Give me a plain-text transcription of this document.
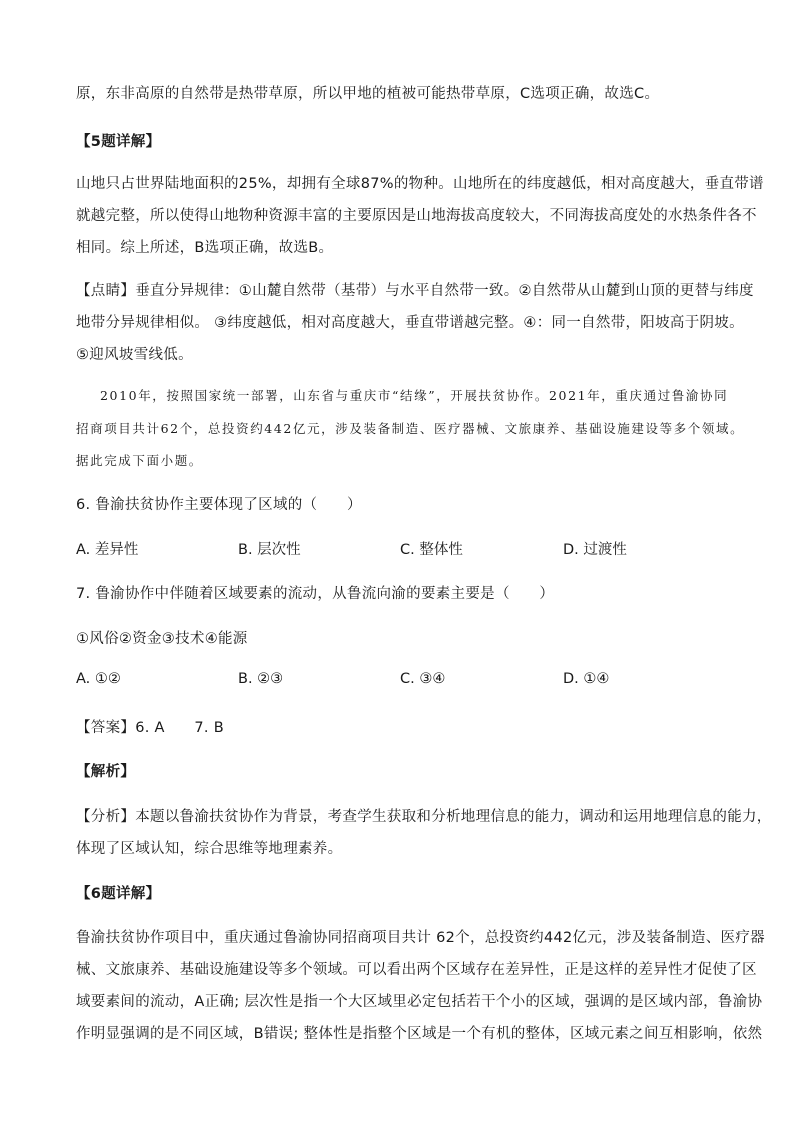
原，东非高原的自然带是热带草原，所以甲地的植被可能热带草原，C选项正确，故选C。
【5题详解】
山地只占世界陆地面积的25%，却拥有全球87%的物种。山地所在的纬度越低，相对高度越大，垂直带谱
就越完整，所以使得山地物种资源丰富的主要原因是山地海拔高度较大，不同海拔高度处的水热条件各不
相同。综上所述，B选项正确，故选B。
【点睛】垂直分异规律：①山麓自然带（基带）与水平自然带一致。②自然带从山麓到山顶的更替与纬度
地带分异规律相似。 ③纬度越低，相对高度越大，垂直带谱越完整。④：同一自然带，阳坡高于阴坡。
⑤迎风坡雪线低。
2010年，按照国家统一部署，山东省与重庆市“结缘”，开展扶贫协作。2021年，重庆通过鲁渝协同
招商项目共计62个，总投资约442亿元，涉及装备制造、医疗器械、文旅康养、基础设施建设等多个领域。
据此完成下面小题。
6. 鲁渝扶贫协作主要体现了区域的（　　）
A. 差异性	B. 层次性	C. 整体性	D. 过渡性
7. 鲁渝协作中伴随着区域要素的流动，从鲁流向渝的要素主要是（　　）
①风俗②资金③技术④能源
A. ①②	B. ②③	C. ③④	D. ①④
【答案】6. A　　7. B
【解析】
【分析】本题以鲁渝扶贫协作为背景，考查学生获取和分析地理信息的能力，调动和运用地理信息的能力，
体现了区域认知，综合思维等地理素养。
【6题详解】
鲁渝扶贫协作项目中，重庆通过鲁渝协同招商项目共计 62个，总投资约442亿元，涉及装备制造、医疗器
械、文旅康养、基础设施建设等多个领域。可以看出两个区域存在差异性，正是这样的差异性才促使了区
域要素间的流动，A正确; 层次性是指一个大区域里必定包括若干个小的区域，强调的是区域内部，鲁渝协
作明显强调的是不同区域，B错误; 整体性是指整个区域是一个有机的整体，区域元素之间互相影响，依然
